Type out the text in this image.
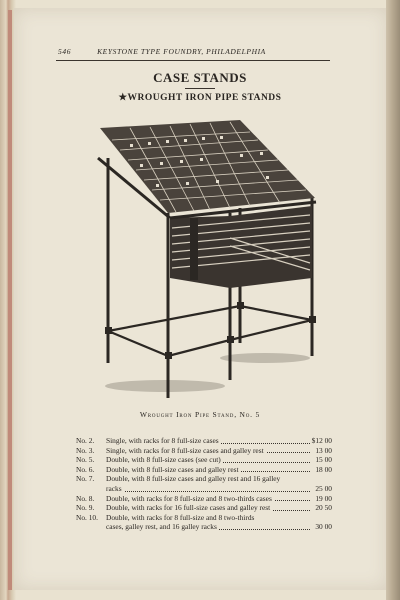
546	KEYSTONE TYPE FOUNDRY, PHILADELPHIA
CASE STANDS
★WROUGHT IRON PIPE STANDS
Wrought Iron Pipe Stand, No. 5
No. 2.	Single, with racks for 8 full-size cases	$12 00
No. 3.	Single, with racks for 8 full-size cases and galley rest	13 00
No. 5.	Double, with 8 full-size cases (see cut)	15 00
No. 6.	Double, with 8 full-size cases and galley rest	18 00
No. 7.	Double, with 8 full-size cases and galley rest and 16 galley
racks	25 00
No. 8.	Double, with racks for 8 full-size and 8 two-thirds cases	19 00
No. 9.	Double, with racks for 16 full-size cases and galley rest	20 50
No. 10.	Double, with racks for 8 full-size and 8 two-thirds
cases, galley rest, and 16 galley racks	30 00
